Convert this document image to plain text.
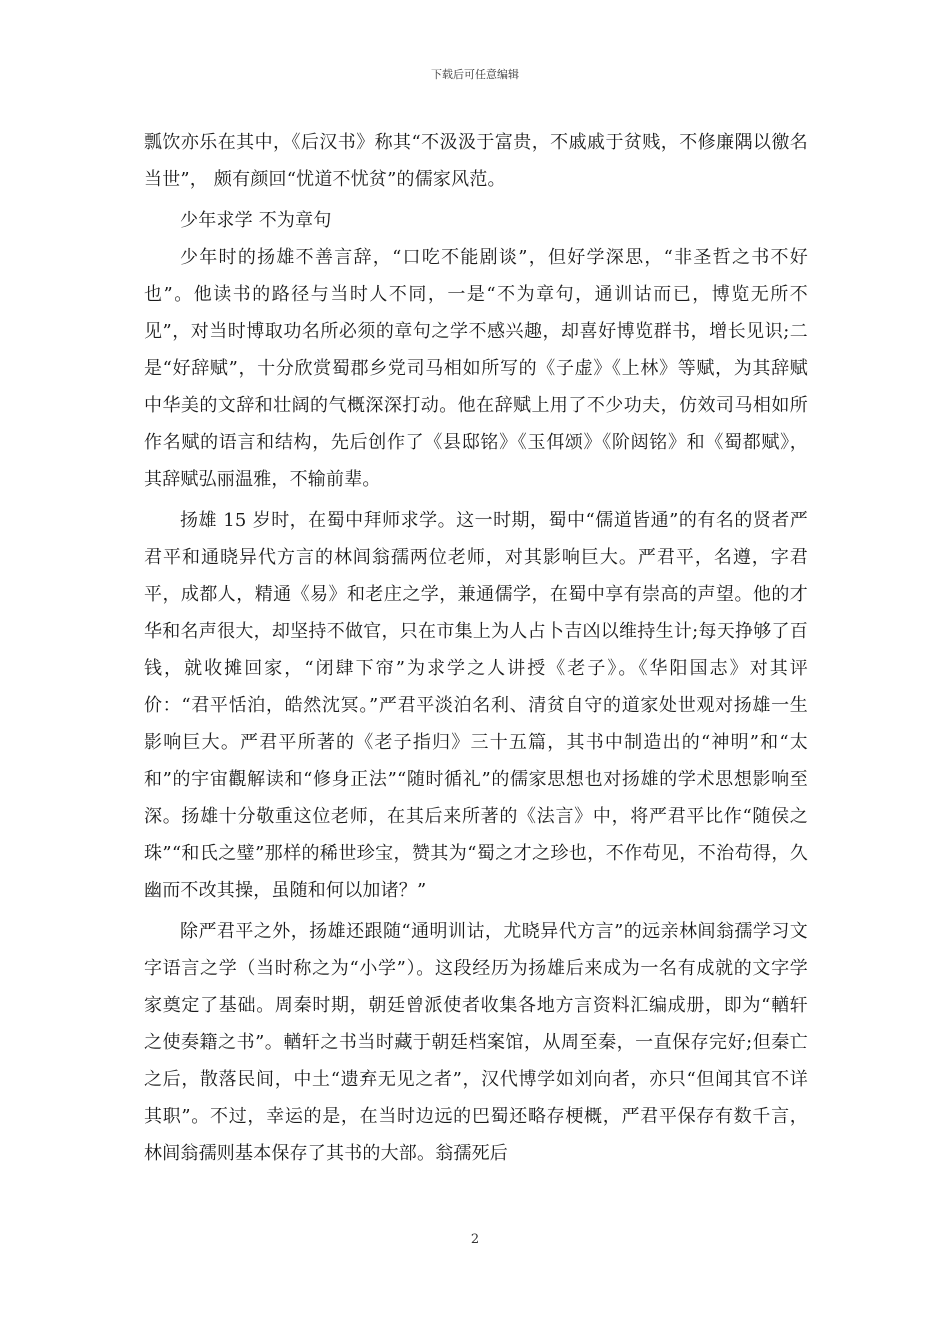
下载后可任意编辑

瓢饮亦乐在其中，《后汉书》称其“不汲汲于富贵，不戚戚于贫贱，不修廉隅以徼名当世”， 颇有颜回“忧道不忧贫”的儒家风范。

少年求学 不为章句

少年时的扬雄不善言辞，“口吃不能剧谈”，但好学深思，“非圣哲之书不好也”。他读书的路径与当时人不同，一是“不为章句，通训诂而已，博览无所不见”，对当时博取功名所必须的章句之学不感兴趣，却喜好博览群书，增长见识;二是“好辞赋”，十分欣赏蜀郡乡党司马相如所写的《子虚》《上林》等赋，为其辞赋中华美的文辞和壮阔的气概深深打动。他在辞赋上用了不少功夫，仿效司马相如所作名赋的语言和结构，先后创作了《县邸铭》《玉佴颂》《阶闼铭》和《蜀都赋》，其辞赋弘丽温雅，不输前辈。

扬雄 15 岁时，在蜀中拜师求学。这一时期，蜀中“儒道皆通”的有名的贤者严君平和通晓异代方言的林闾翁孺两位老师，对其影响巨大。严君平，名遵，字君平，成都人，精通《易》和老庄之学，兼通儒学，在蜀中享有崇高的声望。他的才华和名声很大，却坚持不做官，只在市集上为人占卜吉凶以维持生计;每天挣够了百钱，就收摊回家，“闭肆下帘”为求学之人讲授《老子》。《华阳国志》对其评价：“君平恬泊，皓然沈冥。”严君平淡泊名利、清贫自守的道家处世观对扬雄一生影响巨大。严君平所著的《老子指归》三十五篇，其书中制造出的“神明”和“太和”的宇宙觀解读和“修身正法”“随时循礼”的儒家思想也对扬雄的学术思想影响至深。扬雄十分敬重这位老师，在其后来所著的《法言》中，将严君平比作“随侯之珠”“和氏之璧”那样的稀世珍宝，赞其为“蜀之才之珍也，不作苟见，不治苟得，久幽而不改其操，虽随和何以加诸？”

除严君平之外，扬雄还跟随“通明训诂，尤晓异代方言”的远亲林闾翁孺学习文字语言之学（当时称之为“小学”）。这段经历为扬雄后来成为一名有成就的文字学家奠定了基础。周秦时期，朝廷曾派使者收集各地方言资料汇编成册，即为“輶轩之使奏籍之书”。輶轩之书当时藏于朝廷档案馆，从周至秦，一直保存完好;但秦亡之后，散落民间，中土“遗弃无见之者”，汉代博学如刘向者，亦只“但闻其官不详其职”。不过，幸运的是，在当时边远的巴蜀还略存梗概，严君平保存有数千言，林闾翁孺则基本保存了其书的大部。翁孺死后

2
